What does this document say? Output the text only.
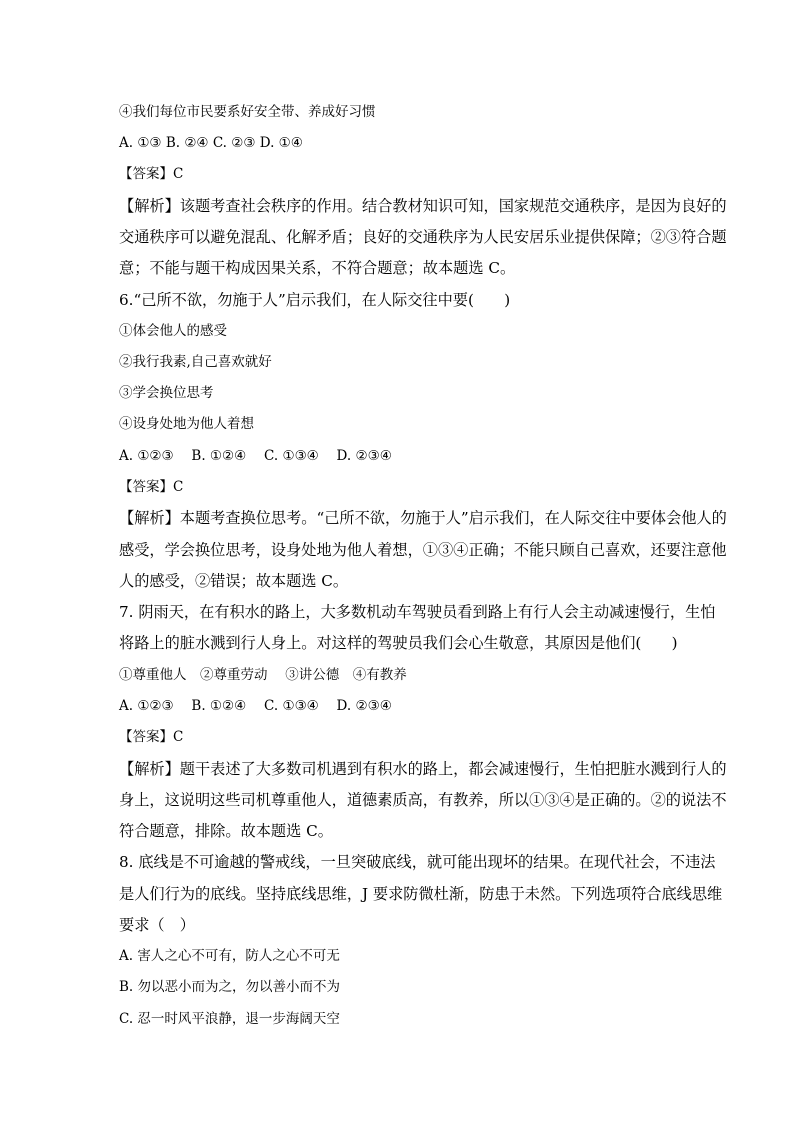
④我们每位市民要系好安全带、养成好习惯
A. ①③ B. ②④ C. ②③ D. ①④
【答案】C
【解析】该题考查社会秩序的作用。结合教材知识可知，国家规范交通秩序，是因为良好的
交通秩序可以避免混乱、化解矛盾；良好的交通秩序为人民安居乐业提供保障；②③符合题
意；不能与题干构成因果关系，不符合题意；故本题选 C。
6.“己所不欲，勿施于人”启示我们，在人际交往中要(　　)
①体会他人的感受
②我行我素,自己喜欢就好
③学会换位思考
④设身处地为他人着想
A. ①②③　 B. ①②④　 C. ①③④　 D. ②③④
【答案】C
【解析】本题考查换位思考。“己所不欲，勿施于人”启示我们，在人际交往中要体会他人的
感受，学会换位思考，设身处地为他人着想，①③④正确；不能只顾自己喜欢，还要注意他
人的感受，②错误；故本题选 C。
7. 阴雨天，在有积水的路上，大多数机动车驾驶员看到路上有行人会主动减速慢行，生怕
将路上的脏水溅到行人身上。对这样的驾驶员我们会心生敬意，其原因是他们(　　)
①尊重他人　②尊重劳动　 ③讲公德　④有教养
A. ①②③　 B. ①②④　 C. ①③④　 D. ②③④
【答案】C
【解析】题干表述了大多数司机遇到有积水的路上，都会减速慢行，生怕把脏水溅到行人的
身上，这说明这些司机尊重他人，道德素质高，有教养，所以①③④是正确的。②的说法不
符合题意，排除。故本题选 C。
8. 底线是不可逾越的警戒线，一旦突破底线，就可能出现坏的结果。在现代社会，不违法
是人们行为的底线。坚持底线思维，J 要求防微杜渐，防患于未然。下列选项符合底线思维
要求（　）
A. 害人之心不可有，防人之心不可无
B. 勿以恶小而为之，勿以善小而不为
C. 忍一时风平浪静，退一步海阔天空
